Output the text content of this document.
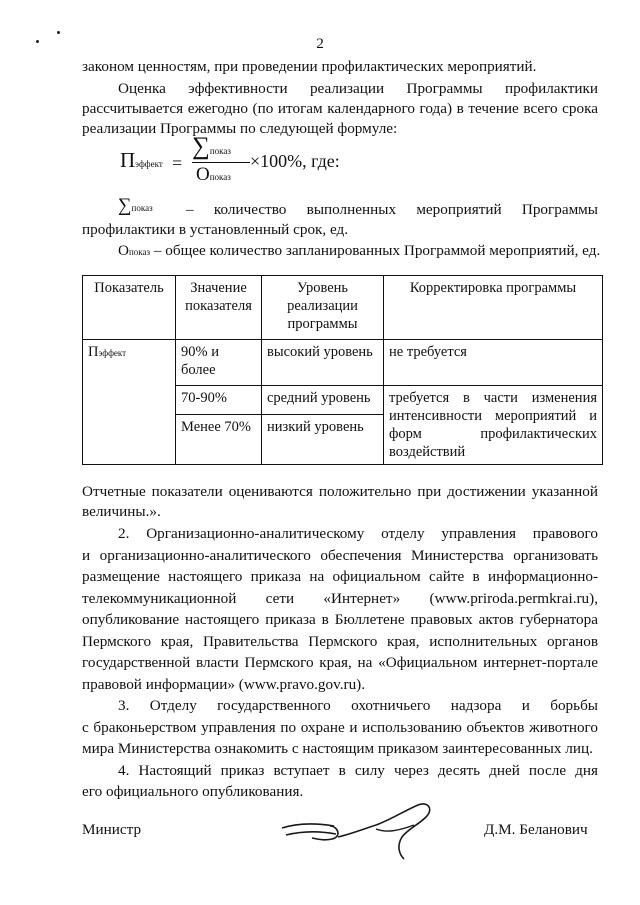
2
законом ценностям, при проведении профилактических мероприятий.
Оценка эффективности реализации Программы профилактики
рассчитывается ежегодно (по итогам календарного года) в течение всего срока
реализации Программы по следующей формуле:
Пэффект =
∑показ
Опоказ
×100%, где:
∑показ – количество выполненных мероприятий Программы
профилактики в установленный срок, ед.
Опоказ – общее количество запланированных Программой мероприятий, ед.
Показатель	Значение показателя	Уровень реализации программы	Корректировка программы
Пэффект	90% и более	высокий уровень	не требуется
	70-90%	средний уровень	требуется в части изменения интенсивности мероприятий и форм профилактических воздействий
	Менее 70%	низкий уровень	
Отчетные показатели оцениваются положительно при достижении указанной
величины.».
2. Организационно-аналитическому отделу управления правового
и организационно-аналитического обеспечения Министерства организовать
размещение настоящего приказа на официальном сайте в информационно-
телекоммуникационной сети «Интернет» (www.priroda.permkrai.ru),
опубликование настоящего приказа в Бюллетене правовых актов губернатора
Пермского края, Правительства Пермского края, исполнительных органов
государственной власти Пермского края, на «Официальном интернет-портале
правовой информации» (www.pravo.gov.ru).
3. Отделу государственного охотничьего надзора и борьбы
с браконьерством управления по охране и использованию объектов животного
мира Министерства ознакомить с настоящим приказом заинтересованных лиц.
4. Настоящий приказ вступает в силу через десять дней после дня
его официального опубликования.
Министр	Д.М. Беланович
